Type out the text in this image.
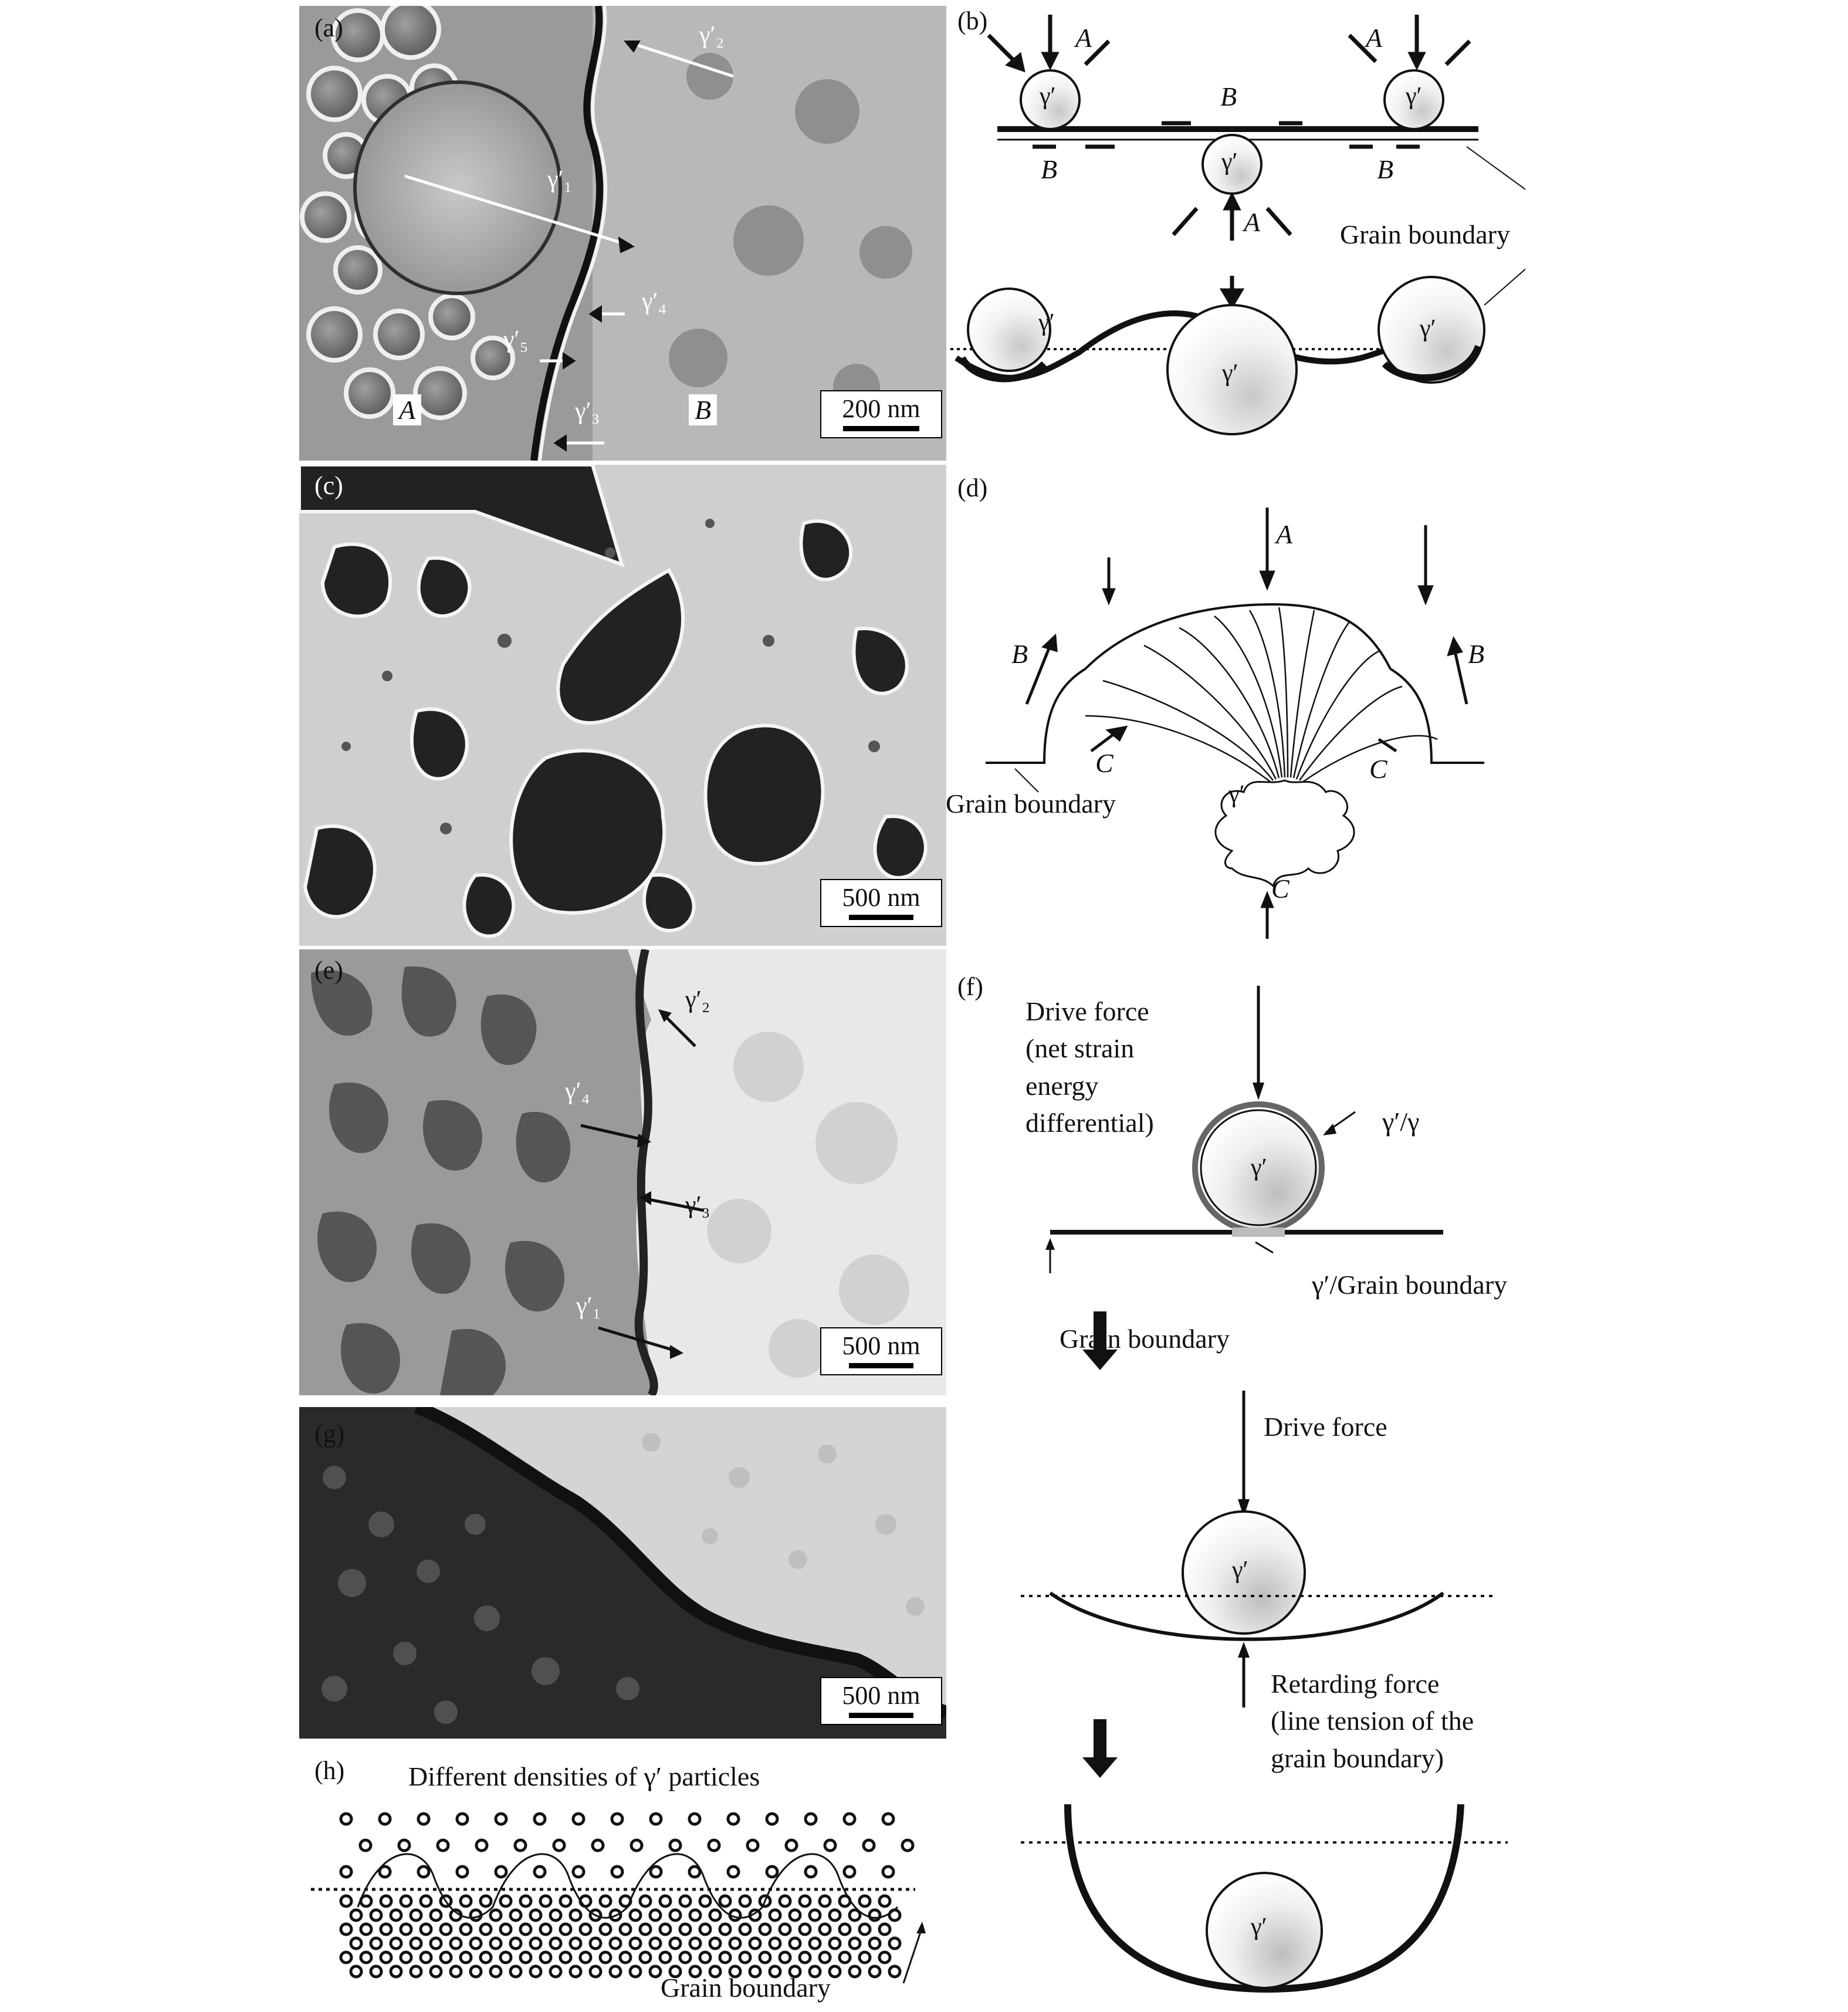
(a)	γ′₂
γ′₁
γ′₄
γ′₅
γ′₃
A	B	200 nm
(b)
A	A
A
B
B	B
γ′	γ′
γ′
γ′
γ′
γ′
Grain boundary
(c)
500 nm
(d)
A
B	B
C	C
C
γ′
Grain boundary
(e)
γ′₂
γ′₄
γ′₃
γ′₁
500 nm
(f)
Drive force
(net strain
energy
differential)
γ′
γ′/γ
γ′/Grain boundary
Grain boundary
Drive force
γ′
Retarding force
(line tension of the
grain boundary)
γ′
(g)
500 nm
(h) Different densities of γ′ particles
Grain boundary
